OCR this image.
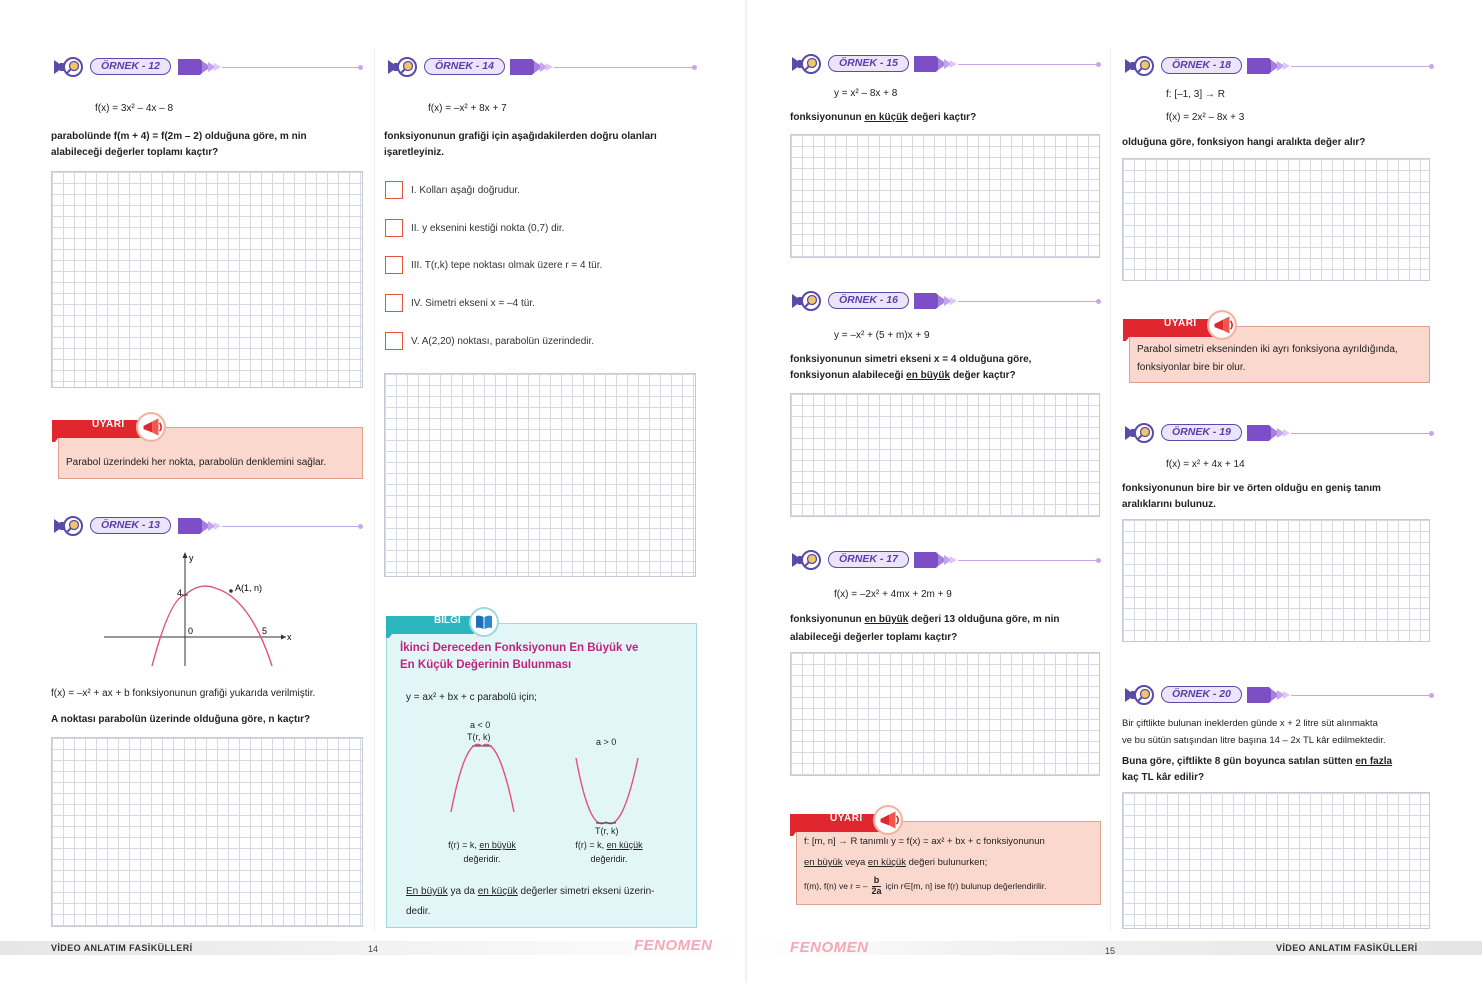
ÖRNEK - 12
f(x) = 3x² – 4x – 8
parabolünde f(m + 4) = f(2m – 2) olduğuna göre, m nin alabileceği değerler toplamı kaçtır?
UYARI
Parabol üzerindeki her nokta, parabolün denklemini sağlar.
ÖRNEK - 13
y
x
A(1, n)
4
0	5
f(x) = –x² + ax + b fonksiyonunun grafiği yukarıda verilmiştir.
A noktası parabolün üzerinde olduğuna göre, n kaçtır?
ÖRNEK - 14
f(x) = –x² + 8x + 7
fonksiyonunun grafiği için aşağıdakilerden doğru olanları işaretleyiniz.
I. Kolları aşağı doğrudur.
II. y eksenini kestiği nokta (0,7) dir.
III. T(r,k) tepe noktası olmak üzere r = 4 tür.
IV. Simetri ekseni x = –4 tür.
V. A(2,20) noktası, parabolün üzerindedir.
BİLGİ
İkinci Dereceden Fonksiyonun En Büyük ve
En Küçük Değerinin Bulunması
y = ax² + bx + c parabolü için;
a < 0
T(r, k)	a > 0
T(r, k)
f(r) = k, en büyük
değeridir.
f(r) = k, en küçük
değeridir.
En büyük ya da en küçük değerler simetri ekseni üzerin-
dedir.
VİDEO ANLATIM FASİKÜLLERİ	14	FENOMEN
ÖRNEK - 15
y = x² – 8x + 8
fonksiyonunun en küçük değeri kaçtır?
ÖRNEK - 16
y = –x² + (5 + m)x + 9
fonksiyonunun simetri ekseni x = 4 olduğuna göre,
fonksiyonun alabileceği en büyük değer kaçtır?
ÖRNEK - 17
f(x) = –2x² + 4mx + 2m + 9
fonksiyonunun en büyük değeri 13 olduğuna göre, m nin
alabileceği değerler toplamı kaçtır?
UYARI
f: [m, n] → R tanımlı y = f(x) = ax² + bx + c fonksiyonunun
en büyük veya en küçük değeri bulunurken;
f(m), f(n) ve r = –
b
2a için r∈[m, n] ise f(r) bulunup değerlendirilir.
ÖRNEK - 18
f: [–1, 3] → R
f(x) = 2x² – 8x + 3
olduğuna göre, fonksiyon hangi aralıkta değer alır?
UYARI
Parabol simetri ekseninden iki ayrı fonksiyona ayrıldığında,
fonksiyonlar bire bir olur.
ÖRNEK - 19
f(x) = x² + 4x + 14
fonksiyonunun bire bir ve örten olduğu en geniş tanım
aralıklarını bulunuz.
ÖRNEK - 20
Bir çiftlikte bulunan ineklerden günde x + 2 litre süt alınmakta
ve bu sütün satışından litre başına 14 – 2x TL kâr edilmektedir.
Buna göre, çiftlikte 8 gün boyunca satılan sütten en fazla
kaç TL kâr edilir?
FENOMEN	15	VİDEO ANLATIM FASİKÜLLERİ
